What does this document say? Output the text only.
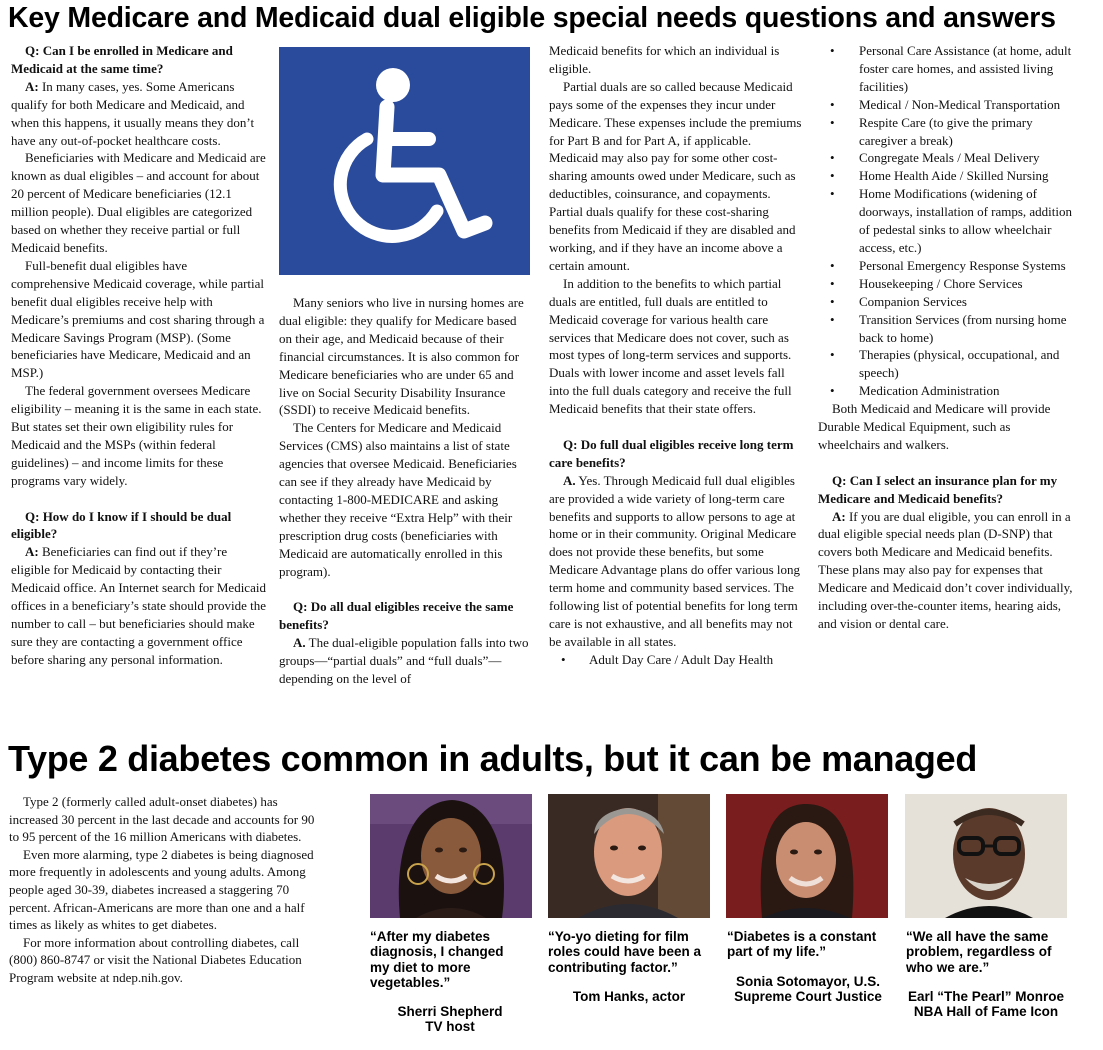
Key Medicare and Medicaid dual eligible special needs questions and answers

Q: Can I be enrolled in Medicare and Medicaid at the same time?

A: In many cases, yes. Some Americans qualify for both Medicare and Medicaid, and when this happens, it usually means they don’t have any out-of-pocket healthcare costs.

Beneficiaries with Medicare and Medicaid are known as dual eligibles – and account for about 20 percent of Medicare beneficiaries (12.1 million people). Dual eligibles are categorized based on whether they receive partial or full Medicaid benefits.

Full-benefit dual eligibles have comprehensive Medicaid coverage, while partial benefit dual eligibles receive help with Medicare’s premiums and cost sharing through a Medicare Savings Program (MSP). (Some beneficiaries have Medicare, Medicaid and an MSP.)

The federal government oversees Medicare eligibility – meaning it is the same in each state. But states set their own eligibility rules for Medicaid and the MSPs (within federal guidelines) – and income limits for these programs vary widely.

Q: How do I know if I should be dual eligible?

A: Beneficiaries can find out if they’re eligible for Medicaid by contacting their Medicaid office. An Internet search for Medicaid offices in a beneficiary’s state should provide the number to call – but beneficiaries should make sure they are contacting a government office before sharing any personal information.

Many seniors who live in nursing homes are dual eligible: they qualify for Medicare based on their age, and Medicaid because of their financial circumstances. It is also common for Medicare beneficiaries who are under 65 and live on Social Security Disability Insurance (SSDI) to receive Medicaid benefits.

The Centers for Medicare and Medicaid Services (CMS) also maintains a list of state agencies that oversee Medicaid. Beneficiaries can see if they already have Medicaid by contacting 1-800-MEDICARE and asking whether they receive “Extra Help” with their prescription drug costs (beneficiaries with Medicaid are automatically enrolled in this program).

Q: Do all dual eligibles receive the same benefits?

A. The dual-eligible population falls into two groups—“partial duals” and “full duals”—depending on the level of

Medicaid benefits for which an individual is eligible.

Partial duals are so called because Medicaid pays some of the expenses they incur under Medicare. These expenses include the premiums for Part B and for Part A, if applicable. Medicaid may also pay for some other cost-sharing amounts owed under Medicare, such as deductibles, coinsurance, and copayments. Partial duals qualify for these cost-sharing benefits from Medicaid if they are disabled and working, and if they have an income above a certain amount.

In addition to the benefits to which partial duals are entitled, full duals are entitled to Medicaid coverage for various health care services that Medicare does not cover, such as most types of long-term services and supports. Duals with lower income and asset levels fall into the full duals category and receive the full Medicaid benefits that their state offers.

Q: Do full dual eligibles receive long term care benefits?

A. Yes. Through Medicaid full dual eligibles are provided a wide variety of long-term care benefits and supports to allow persons to age at home or in their community. Original Medicare does not provide these benefits, but some Medicare Advantage plans do offer various long term home and community based services. The following list of potential benefits for long term care is not exhaustive, and all benefits may not be available in all states.

• Adult Day Care / Adult Day Health
• Personal Care Assistance (at home, adult foster care homes, and assisted living facilities)
• Medical / Non-Medical Transportation
• Respite Care (to give the primary caregiver a break)
• Congregate Meals / Meal Delivery
• Home Health Aide / Skilled Nursing
• Home Modifications (widening of doorways, installation of ramps, addition of pedestal sinks to allow wheelchair access, etc.)
• Personal Emergency Response Systems
• Housekeeping / Chore Services
• Companion Services
• Transition Services (from nursing home back to home)
• Therapies (physical, occupational, and speech)
• Medication Administration

Both Medicaid and Medicare will provide Durable Medical Equipment, such as wheelchairs and walkers.

Q: Can I select an insurance plan for my Medicare and Medicaid benefits?

A: If you are dual eligible, you can enroll in a dual eligible special needs plan (D-SNP) that covers both Medicare and Medicaid benefits. These plans may also pay for expenses that Medicare and Medicaid don’t cover individually, including over-the-counter items, hearing aids, and vision or dental care.

Type 2 diabetes common in adults, but it can be managed

Type 2 (formerly called adult-onset diabetes) has increased 30 percent in the last decade and accounts for 90 to 95 percent of the 16 million Americans with diabetes.

Even more alarming, type 2 diabetes is being diagnosed more frequently in adolescents and young adults. Among people aged 30-39, diabetes increased a staggering 70 percent. African-Americans are more than one and a half times as likely as whites to get diabetes.

For more information about controlling diabetes, call (800) 860-8747 or visit the National Diabetes Education Program website at ndep.nih.gov.

“After my diabetes diagnosis, I changed my diet to more vegetables.”
Sherri Shepherd
TV host
“Yo-yo dieting for film roles could have been a contributing factor.”
Tom Hanks, actor
“Diabetes is a constant part of my life.”
Sonia Sotomayor, U.S.
Supreme Court Justice
“We all have the same problem, regardless of who we are.”
Earl “The Pearl” Monroe
NBA Hall of Fame Icon
